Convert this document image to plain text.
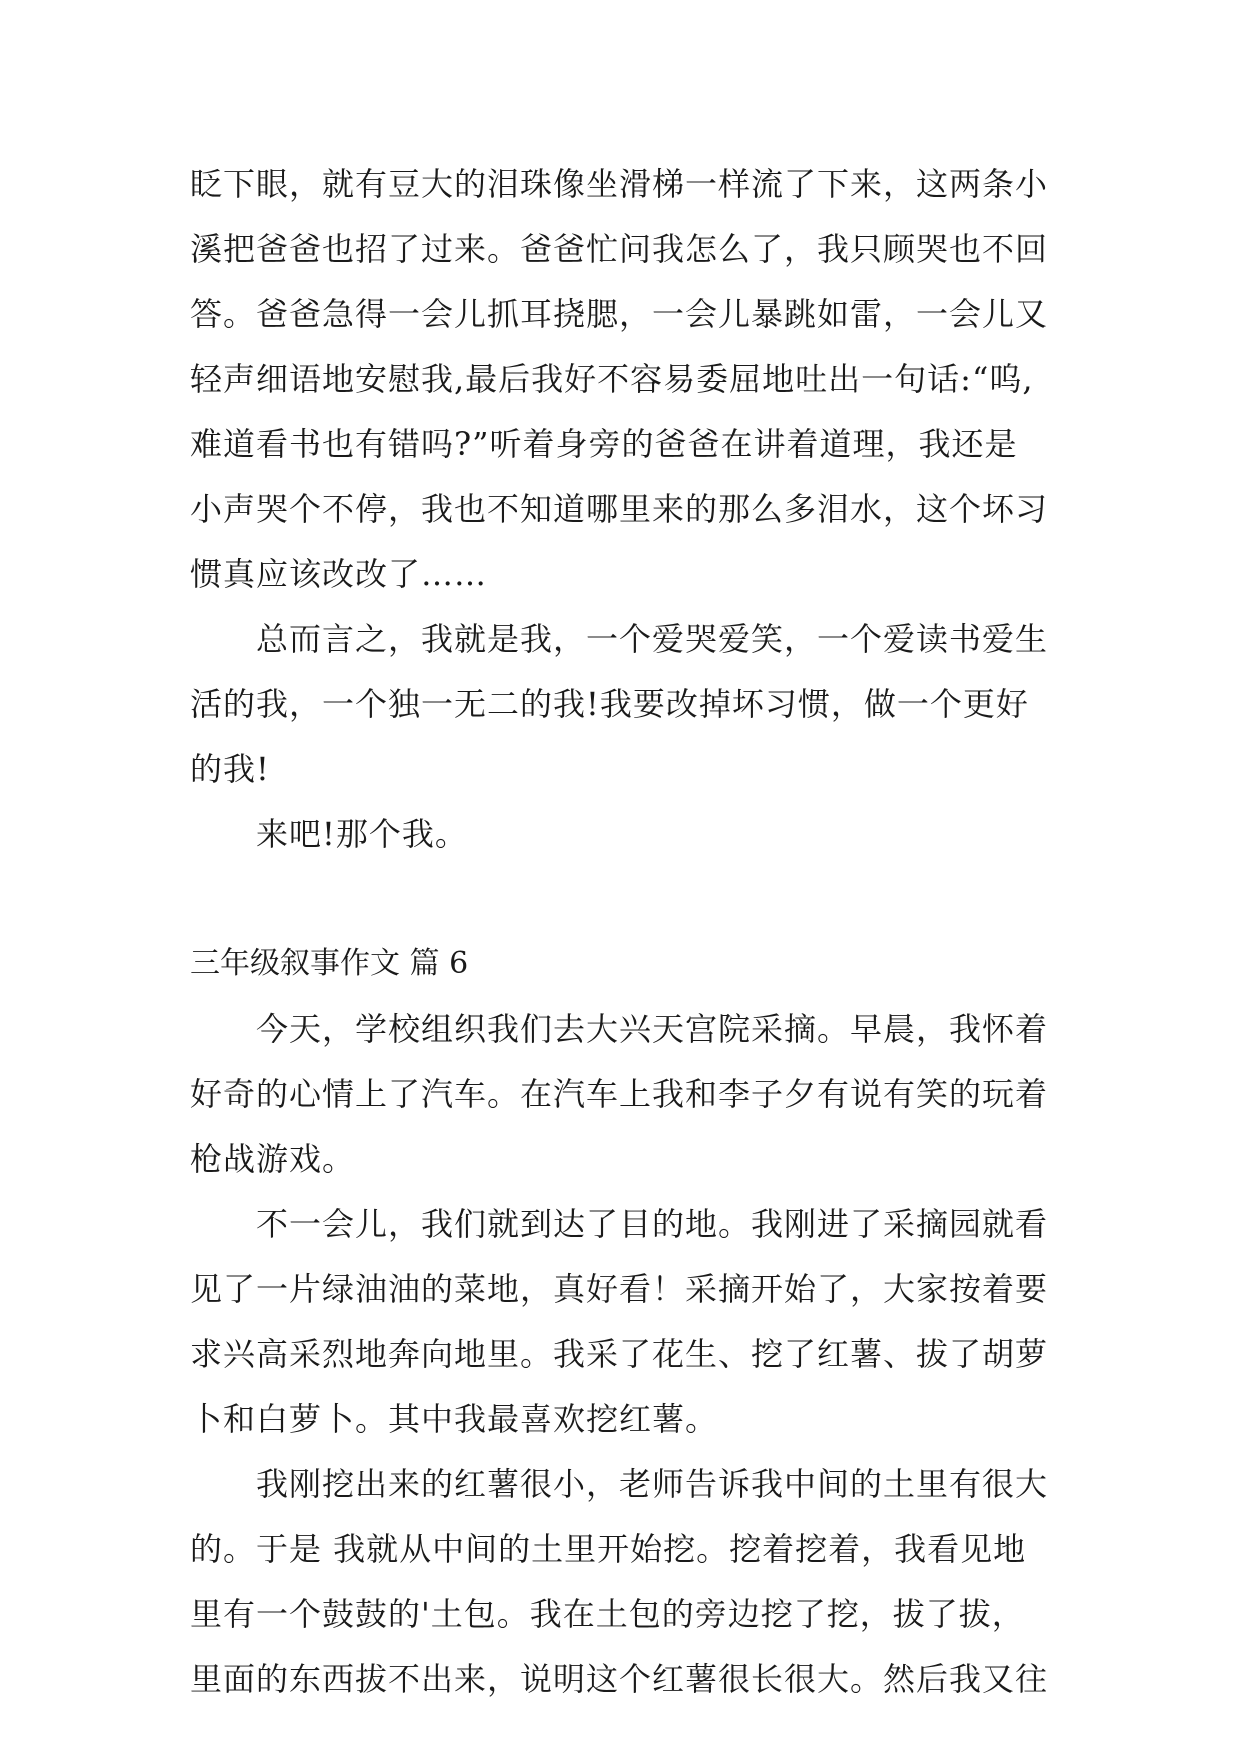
眨下眼，就有豆大的泪珠像坐滑梯一样流了下来，这两条小
溪把爸爸也招了过来。爸爸忙问我怎么了，我只顾哭也不回
答。爸爸急得一会儿抓耳挠腮，一会儿暴跳如雷，一会儿又
轻声细语地安慰我,最后我好不容易委屈地吐出一句话:“呜,
难道看书也有错吗?”听着身旁的爸爸在讲着道理，我还是
小声哭个不停，我也不知道哪里来的那么多泪水，这个坏习
惯真应该改改了……
总而言之，我就是我，一个爱哭爱笑，一个爱读书爱生
活的我，一个独一无二的我!我要改掉坏习惯，做一个更好
的我!
来吧!那个我。
三年级叙事作文 篇 6
今天，学校组织我们去大兴天宫院采摘。早晨，我怀着
好奇的心情上了汽车。在汽车上我和李子夕有说有笑的玩着
枪战游戏。
不一会儿，我们就到达了目的地。我刚进了采摘园就看
见了一片绿油油的菜地，真好看！采摘开始了，大家按着要
求兴高采烈地奔向地里。我采了花生、挖了红薯、拔了胡萝
卜和白萝卜。其中我最喜欢挖红薯。
我刚挖出来的红薯很小，老师告诉我中间的土里有很大
的。于是 我就从中间的土里开始挖。挖着挖着，我看见地
里有一个鼓鼓的'土包。我在土包的旁边挖了挖，拔了拔，
里面的东西拔不出来，说明这个红薯很长很大。然后我又往
